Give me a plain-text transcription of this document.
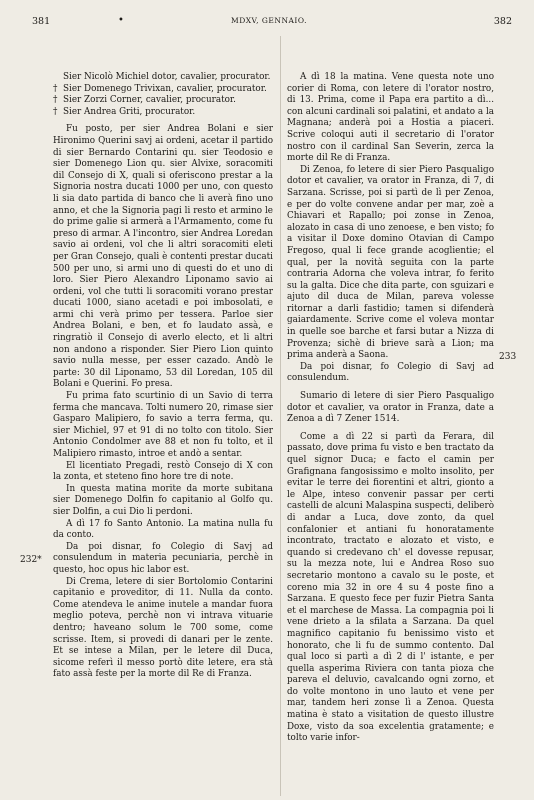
381	•	MDXV, GENNAIO.	382

Sier Nicolò Michiel dotor, cavalier, procurator.

† Sier Domenego Trivixan, cavalier, procurator.

† Sier Zorzi Corner, cavalier, procurator.

† Sier Andrea Griti, procurator.

Fu posto, per sier Andrea Bolani e sier Hironimo Querini savj ai ordeni, acetar il partido di sier Bernardo Contarini qu. sier Teodosio e sier Domenego Lion qu. sier Alvixe, soracomiti dil Consejo di X, quali si oferiscono prestar a la Signoria nostra ducati 1000 per uno, con questo li sia dato partida di banco che li averà fino uno anno, et che la Signoria pagi li resto et armino le do prime galie si armerà a l'Armamento, come fu preso di armar. A l'incontro, sier Andrea Loredan savio ai ordeni, vol che li altri soracomiti eleti per Gran Consejo, quali è contenti prestar ducati 500 per uno, si armi uno di questi do et uno di loro. Sier Piero Alexandro Liponamo savio ai ordeni, vol che tutti li soracomiti vorano prestar ducati 1000, siano acetadi e poi imbosolati, e armi chi verà primo per tessera. Parloe sier Andrea Bolani, e ben, et fo laudato assà, e ringratiò il Consejo di averlo electo, et li altri non andono a risponder. Sier Piero Lion quinto savio nulla messe, per esser cazado. Andò le parte: 30 dil Liponamo, 53 dil Loredan, 105 dil Bolani e Querini. Fo presa.

Fu prima fato scurtinio di un Savio di terra ferma che mancava. Tolti numero 20, rimase sier Gasparo Malipiero, fo savio a terra ferma, qu. sier Michiel, 97 et 91 di no tolto con titolo. Sier Antonio Condolmer ave 88 et non fu tolto, et il Malipiero rimasto, introe et andò a sentar.

El licentiato Pregadi, restò Consejo di X con la zonta, et steteno fino hore tre di note.

In questa matina morite da morte subitana sier Domenego Dolfin fo capitanio al Golfo qu. sier Dolfin, a cui Dio li perdoni.

A dì 17 fo Santo Antonio. La matina nulla fu da conto.

Da poi disnar, fo Colegio di Savj ad consulendum in materia pecuniaria, perchè in questo, hoc opus hic labor est.

Di Crema, letere di sier Bortolomio Contarini capitanio e proveditor, di 11. Nulla da conto. Come atendeva le anime inutele a mandar fuora meglio poteva, perchè non vi intrava vituarie dentro; haveano solum le 700 some, come scrisse. Item, si provedi di danari per le zente. Et se intese a Milan, per le letere dil Duca, sicome referì il messo portò dite letere, era stà fato assà feste per la morte dil Re di Franza.

232*

A dì 18 la matina. Vene questa note uno corier di Roma, con letere di l'orator nostro, di 13. Prima, come il Papa era partito a dì... con alcuni cardinali soi palatini, et andato a la Magnana; anderà poi a Hostia a piaceri. Scrive coloqui auti il secretario di l'orator nostro con il cardinal San Severin, zerca la morte dil Re di Franza.

Di Zenoa, fo letere di sier Piero Pasqualigo dotor et cavalier, va orator in Franza, di 7, di Sarzana. Scrisse, poi si partì de lì per Zenoa, e per do volte convene andar per mar, zoè a Chiavari et Rapallo; poi zonse in Zenoa, alozato in casa di uno zenoese, e ben visto; fo a visitar il Doxe domino Otavian di Campo Fregoso, qual li fece grande acoglientie; el qual, per la novità seguita con la parte contraria Adorna che voleva intrar, fo ferito su la galta. Dice che dita parte, con sguizari e ajuto dil duca de Milan, pareva volesse ritornar a darli fastidio; tamen si difenderà gaiardamente. Scrive come el voleva montar in quelle soe barche et farsi butar a Nizza di Provenza; sichè di brieve sarà a Lion; ma prima anderà a Saona.

Da poi disnar, fo Colegio di Savj ad consulendum.

Sumario di letere di sier Piero Pasqualigo dotor et cavalier, va orator in Franza, date a Zenoa a dì 7 Zener 1514.

Come a dì 22 si partì da Ferara, dil passato, dove prima fu visto e ben tractato da quel signor Duca; e facto el camin per Grafignana fangosissimo e molto insolito, per evitar le terre dei fiorentini et altri, gionto a le Alpe, inteso convenir passar per certi castelli de alcuni Malaspina suspecti, deliberò di andar a Luca, dove zonto, da quel confalonier et antiani fu honoratamente incontrato, tractato e alozato et visto, e quando si credevano ch' el dovesse repusar, su la mezza note, lui e Andrea Roso suo secretario montono a cavalo su le poste, et coreno mia 32 in ore 4 su 4 poste fino a Sarzana. E questo fece per fuzir Pietra Santa et el marchese de Massa. La compagnia poi li vene drieto a la sfilata a Sarzana. Da quel magnifico capitanio fu benissimo visto et honorato, che li fu de summo contento. Dal qual loco si partì a dì 2 di l' istante, e per quella asperima Riviera con tanta pioza che pareva el deluvio, cavalcando ogni zorno, et do volte montono in uno lauto et vene per mar, tandem heri zonse lì a Zenoa. Questa matina è stato a visitation de questo illustre Doxe, visto da soa excelentia gratamente; e tolto varie infor-

233
